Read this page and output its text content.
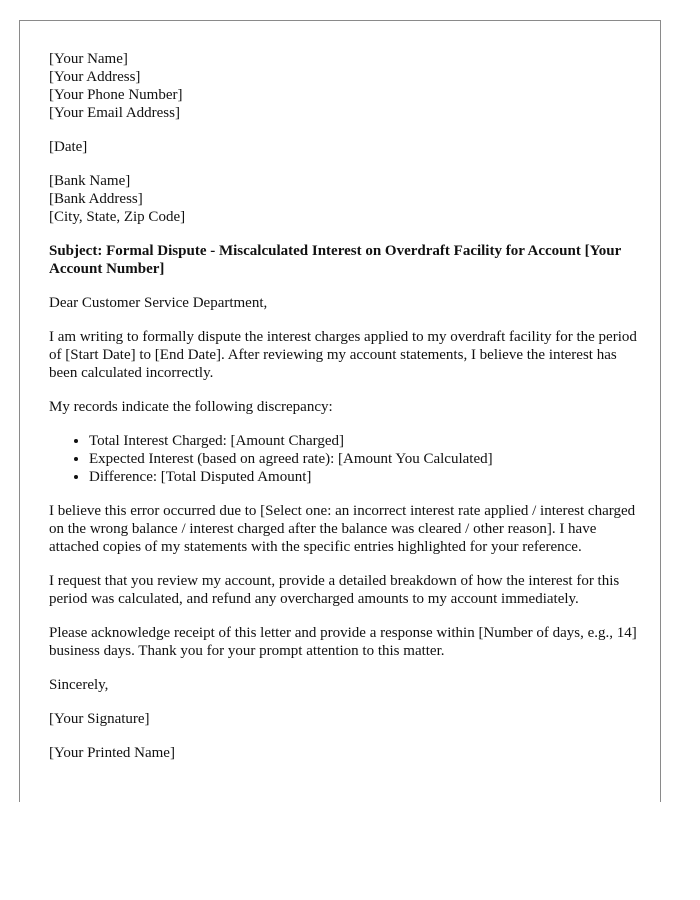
[Your Name]
[Your Address]
[Your Phone Number]
[Your Email Address]
[Date]
[Bank Name]
[Bank Address]
[City, State, Zip Code]

Subject: Formal Dispute - Miscalculated Interest on Overdraft Facility for Account [Your Account Number]

Dear Customer Service Department,

I am writing to formally dispute the interest charges applied to my overdraft facility for the period of [Start Date] to [End Date]. After reviewing my account statements, I believe the interest has been calculated incorrectly.

My records indicate the following discrepancy:

• Total Interest Charged: [Amount Charged]
• Expected Interest (based on agreed rate): [Amount You Calculated]
• Difference: [Total Disputed Amount]

I believe this error occurred due to [Select one: an incorrect interest rate applied / interest charged on the wrong balance / interest charged after the balance was cleared / other reason]. I have attached copies of my statements with the specific entries highlighted for your reference.

I request that you review my account, provide a detailed breakdown of how the interest for this period was calculated, and refund any overcharged amounts to my account immediately.

Please acknowledge receipt of this letter and provide a response within [Number of days, e.g., 14] business days. Thank you for your prompt attention to this matter.

Sincerely,

[Your Signature]

[Your Printed Name]
